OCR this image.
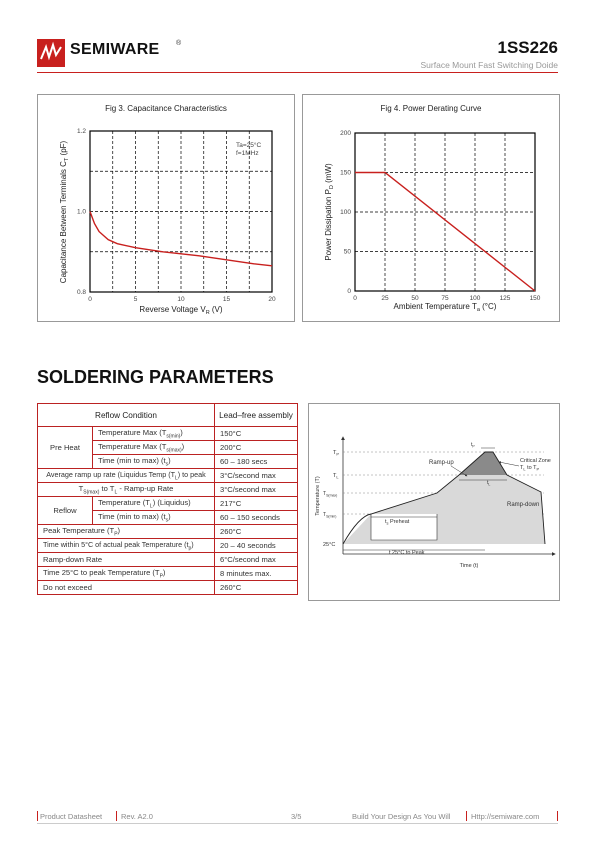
SEMIWARE ®	1SS226
Surface Mount Fast Switching Doide
Fig 3. Capacitance Characteristics
0	5	10	15	20
0.8
1.0
1.2
Ta=25°C
f=1MHz
Reverse Voltage $V_R$ (V)
Capacitance Between Terminals $C_T$ (pF)
Fig 4. Power Derating Curve
0	25	50	75	100	125	150
0
50
100
150
200
Ambient Temperature $T_a$ (°C)
Power Dissipation $P_D$ (mW)
SOLDERING PARAMETERS
Reflow Condition		Lead–free assembly
Pre Heat	Temperature Max $(T_{s(min)})$	150°C
	Temperature Max $(T_{s(max)})$	200°C
	Time (min to max) $(t_s)$	60 – 180 secs
Average ramp up rate (Liquidus Temp $(T_L)$ to peak		3°C/second max
$T_{S(max)}$ to $T_L$ - Ramp-up Rate		3°C/second max
Reflow	Temperature $(T_L)$ (Liquidus)	217°C
	Time (min to max) $(t_s)$	60 – 150 seconds
Peak Temperature $(T_P)$		260°C
Time within 5°C of actual peak Temperature $(t_p)$		20 – 40 seconds
Ramp-down Rate		6°C/second max
Time 25°C to peak Temperature $(T_P)$		8 minutes max.
Do not exceed		260°C
$T_P$
$T_L$
$T_{S(max)}$
$T_{S(min)}$
25°C
Temperature (T)
Time (t)
Ramp-up
Ramp-down
Critical Zone
$T_L$ to $T_P$
$t_s$ Preheat
t 25°C to Peak
$t_P$
$t_L$
Product Datasheet	Rev. A2.0	3/5	Build Your Design As You Will	Http://semiware.com
